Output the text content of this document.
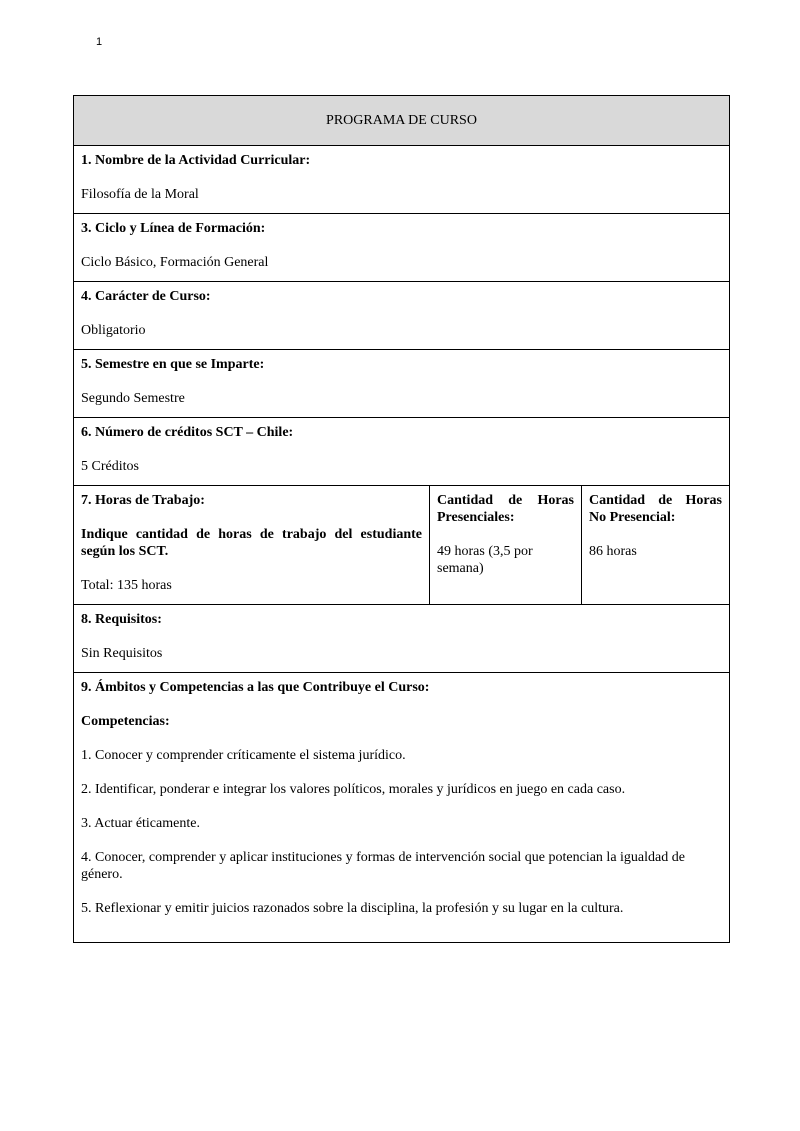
1
PROGRAMA DE CURSO

1. Nombre de la Actividad Curricular:

Filosofía de la Moral

3. Ciclo y Línea de Formación:

Ciclo Básico, Formación General

4. Carácter de Curso:

Obligatorio

5. Semestre en que se Imparte:

Segundo Semestre

6. Número de créditos SCT – Chile:

5 Créditos

7. Horas de Trabajo:

Indique cantidad de horas de trabajo del estudiante según los SCT.

Total: 135 horas

Cantidad de Horas Presenciales:

49 horas (3,5 por semana)

Cantidad de Horas No Presencial:

86 horas

8. Requisitos:

Sin Requisitos

9. Ámbitos y Competencias a las que Contribuye el Curso:

Competencias:

1. Conocer y comprender críticamente el sistema jurídico.

2. Identificar, ponderar e integrar los valores políticos, morales y jurídicos en juego en cada caso.

3. Actuar éticamente.

4. Conocer, comprender y aplicar instituciones y formas de intervención social que potencian la igualdad de género.

5. Reflexionar y emitir juicios razonados sobre la disciplina, la profesión y su lugar en la cultura.
